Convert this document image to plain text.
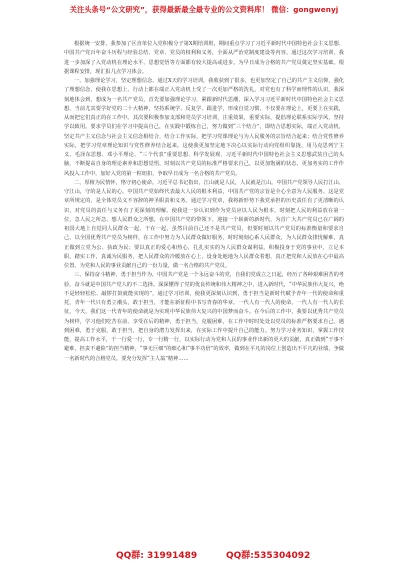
关注头条号“公文研究”，获得最新最全最专业的公文资料库！ 微信：gongwenyj

根据统一安排，我参加了区直单位入党积极分子第X期培训班，期间重点学习了习近平新时代中国特色社会主义思想、中国共产党百年奋斗历程与经验总结、党章、党员的权利和义务，全面从严治党制度建设等内容。通过这次学习培训，我进一步加深了入党动机在理论水平、思想觉悟等方面都有较大提高或进步。为早日成为合格的共产党员奠定坚实基础。根据课程安排，现汇报几点学习体会。

一、加强理论学习，坚定理想信念。通过X天的学习培训，我收获到了很多，也更加坚定了自己的共产主义信仰，强化了理想信念，使我在思想上、行动上都在端正入党动机上受了一次更加严格的洗礼，对党也有了科学而理性的认识，我深刻地体会到，想成为一名共产党员，首先要加强理论学习，紧跟新时代思潮，深入学习习近平新时代中国特色社会主义思想，当前尤其要学好党的二十大精神，坚持系统学、反复学、跟进学，形成自觉习惯，不仅要在理论上，更要上在实践，从而把它们真正的在工作中。其次要积极参加支部和党员学习培训，注重效果，重要实际，提倡理论联系实际学风，坚持学以致用。要求学员们在学习中提高自己，在实践中锻炼自己，努力做到“三个结合”，即结合思想实际，端正入党动机，坚定共产主义信念与社会主义信念相结合，结合工作实际，把学习党课理论与为人民服务的宗旨结合起来；结合党性修养实际，把学习党章理论知识与党性修养结合起来。这使我更加坚定地下决心以实际行动向党组织靠拢，用马克思列宁主义、毛泽东思想、邓小平理论、“三个代表”重要思想、科学发展观、习近平新时代中国特色社会主义思想武装自己的头脑，不断提高自身的理论素养和思想觉悟，时刻以共产党员的标准严格要求自己，以更加饱满的状态，更加务实的工作作风投入工作中，加好入党的第一粒纽扣，争取早日成为一名合格的共产党员。

二、厚植为民情怀，恪守初心使命。习近平总书记指出，江山就是人民，人民就是江山。中国共产党领导人民打江山、守江山，守的是人民的心。中国共产党始终代表最大人民的根本利益，中国共产党的宗旨是全心全意为人民服务。这是党章所规定的，是全体党员义不容辞的神圣职责和义务。通过学习党章，我将新形势下我党承担的历史责任有了更清晰的认识，对党员的责任与义务有了更深刻的理解。使我进一步认识到作为党员应以人民为根本，时刻把人民的利益放在第一位，急人民之所急，想人民群众之所想，在中国共产党的带领下，迎接一个崭新的新时代，为首广大共产党员已在广阔的祖国大地上自觉同人民群众一起、干在一起，虽然目前自己还不是共产党员，但要时刻以共产党员的标准衡量和要求自己，以全国优秀共产党员为榜样，在工作中努力为人民群众做好服务，时时刻刻心系人民群众，为人民群众排忧解难，真正做到立党为公、执政为民；要以真正的爱心和热心，扎扎实实的为人民群众谋利益。积极投身于党的事业中，立足本职，踏实工作，真诚为民服务，把人民群众的冷暖放在心上，设身处地地为人民群众着想，真正把党和人民放在心中最高位置，为党和人民的事业贡献自己的一份力量，做一名合格的共产党员。

三、保持奋斗精神，勇于担当作为。中国共产党是一个永远奋斗的党，自我们党成立之日起，经历了各种艰难困苦的考验，奋斗就是中国共产党人的不二选择。深深懂得了党的优良传统和伟大精神之中，进入新时代，“中华民族伟大复兴，绝不是轻轻松松、敲锣打鼓就能实现的”，通过学习培训，使我更深刻认识到，勇于担当是新时代赋予青年一代的使命和重托，青年一代只有勇立潮头，敢于担当，才能在新征程中书写青春的华章。一代人有一代人的使命，一代人有一代人的长征。今天，我们这一代青年的使命就是为实现中华民族伟大复兴的中国梦而奋斗。在今后的工作中，我要以优秀共产党员为榜样，学习他们吃苦在前、享受在后的精神，勇于担当，克服困难，在工作中时时处处以党员的标准严格要求自己。遇到困难，勇于克服，敢于担当，把自身的潜力发挥出来，在实际工作中提升自己的能力。努力学习业务知识，掌握工作技能，提高工作水平，干一行爱一行，专一行精一行，以实际行动为党和人民的事业作出新的更大的贡献，真正做到“干事不避难，担责不避险”的担当精神，“事无巨细”的细心和“事半功倍”的效率，做到在平凡的岗位上创造出不平凡的业绩，争做一名新时代的合格党员。要充分发挥“主人翁”精神……

QQ群: 31991489	QQ群:535304092
